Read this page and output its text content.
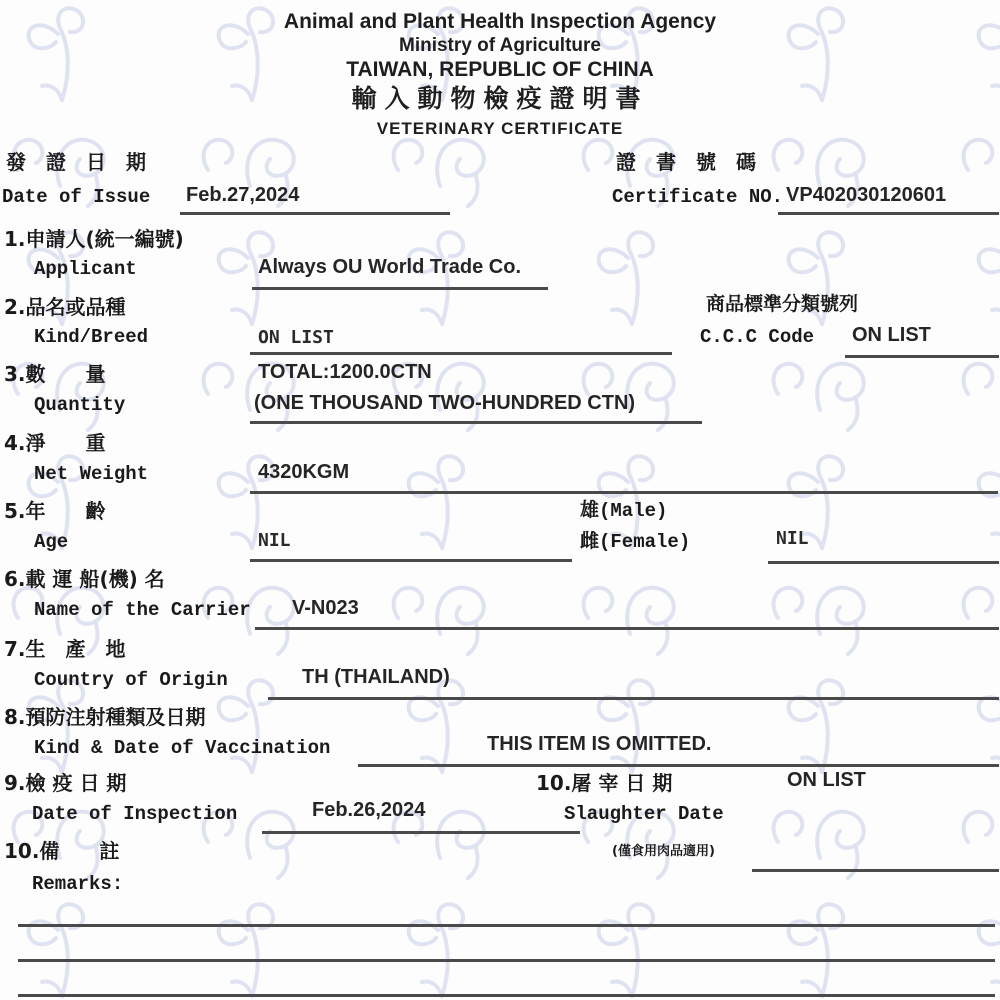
Animal and Plant Health Inspection Agency
Ministry of Agriculture
TAIWAN, REPUBLIC OF CHINA
輸入動物檢疫證明書
VETERINARY CERTIFICATE
發　證　日　期	證　書　號　碼
Date of Issue Feb.27,2024	Certificate NO. VP402030120601
1.申請人(統一編號)
Applicant	Always OU World Trade Co.
2.品名或品種	商品標準分類號列
Kind/Breed	ON LIST	C.C.C Code ON LIST
3.數　　量	TOTAL:1200.0CTN
Quantity	(ONE THOUSAND TWO-HUNDRED CTN)
4.淨　　重
Net Weight	4320KGM
5.年　　齡	雄(Male)
Age	NIL	雌(Female)	NIL
6.載 運 船(機) 名
Name of the Carrier V-N023
7.生　產　地
Country of Origin	TH (THAILAND)
8.預防注射種類及日期
Kind & Date of Vaccination	THIS ITEM IS OMITTED.
9.檢 疫 日 期	10.屠 宰 日 期	ON LIST
Date of Inspection	Feb.26,2024	Slaughter Date
(僅食用肉品適用)
10.備　　註
Remarks:
